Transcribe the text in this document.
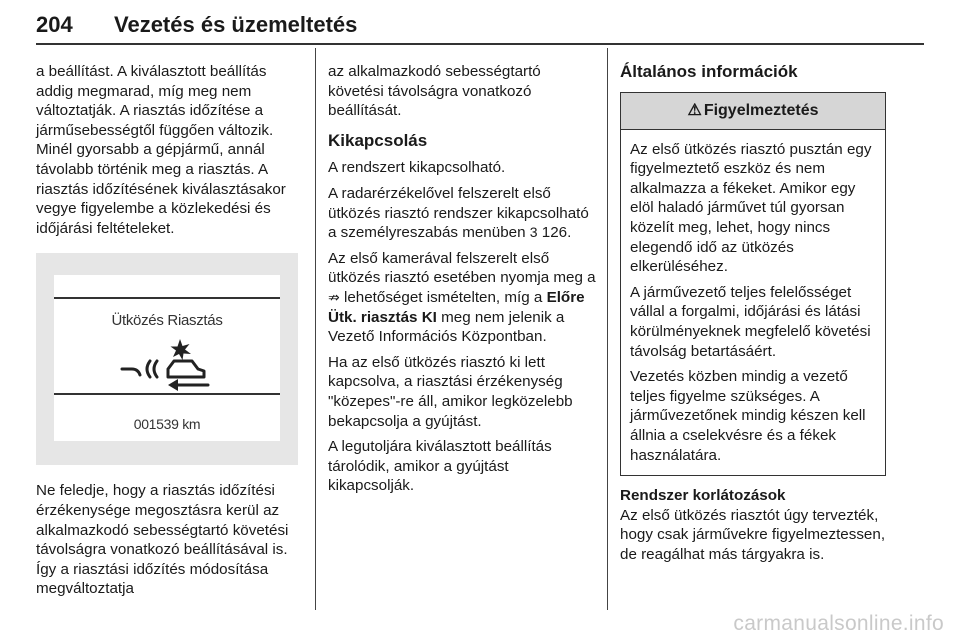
204 Vezetés és üzemeltetés

a beállítást. A kiválasztott beállítás addig megmarad, míg meg nem változtatják. A riasztás időzítése a járműsebességtől függően változik. Minél gyorsabb a gépjármű, annál távolabb történik meg a riasztás. A riasztás időzítésének kiválasztásakor vegye figyelembe a közlekedési és időjárási feltételeket.

Ütközés Riasztás
001539 km

Ne feledje, hogy a riasztás időzítési érzékenysége megosztásra kerül az alkalmazkodó sebességtartó követési távolságra vonatkozó beállításával is. Így a riasztási időzítés módosítása megváltoztatja

az alkalmazkodó sebességtartó követési távolságra vonatkozó beállítását.

Kikapcsolás

A rendszert kikapcsolható.

A radarérzékelővel felszerelt első ütközés riasztó rendszer kikapcsolható a személyreszabás menüben 3 126.

Az első kamerával felszerelt első ütközés riasztó esetében nyomja meg a ⇏ lehetőséget ismételten, míg a Előre Ütk. riasztás KI meg nem jelenik a Vezető Információs Központban.

Ha az első ütközés riasztó ki lett kapcsolva, a riasztási érzékenység "közepes"-re áll, amikor legközelebb bekapcsolja a gyújtást.

A legutoljára kiválasztott beállítás tárolódik, amikor a gyújtást kikapcsolják.

Általános információk
⚠ Figyelmeztetés

Az első ütközés riasztó pusztán egy figyelmeztető eszköz és nem alkalmazza a fékeket. Amikor egy elöl haladó járművet túl gyorsan közelít meg, lehet, hogy nincs elegendő idő az ütközés elkerüléséhez.

A járművezető teljes felelősséget vállal a forgalmi, időjárási és látási körülményeknek megfelelő követési távolság betartásáért.

Vezetés közben mindig a vezető teljes figyelme szükséges. A járművezetőnek mindig készen kell állnia a cselekvésre és a fékek használatára.

Rendszer korlátozások

Az első ütközés riasztót úgy tervezték, hogy csak járművekre figyelmeztessen, de reagálhat más tárgyakra is.

carmanualsonline.info
